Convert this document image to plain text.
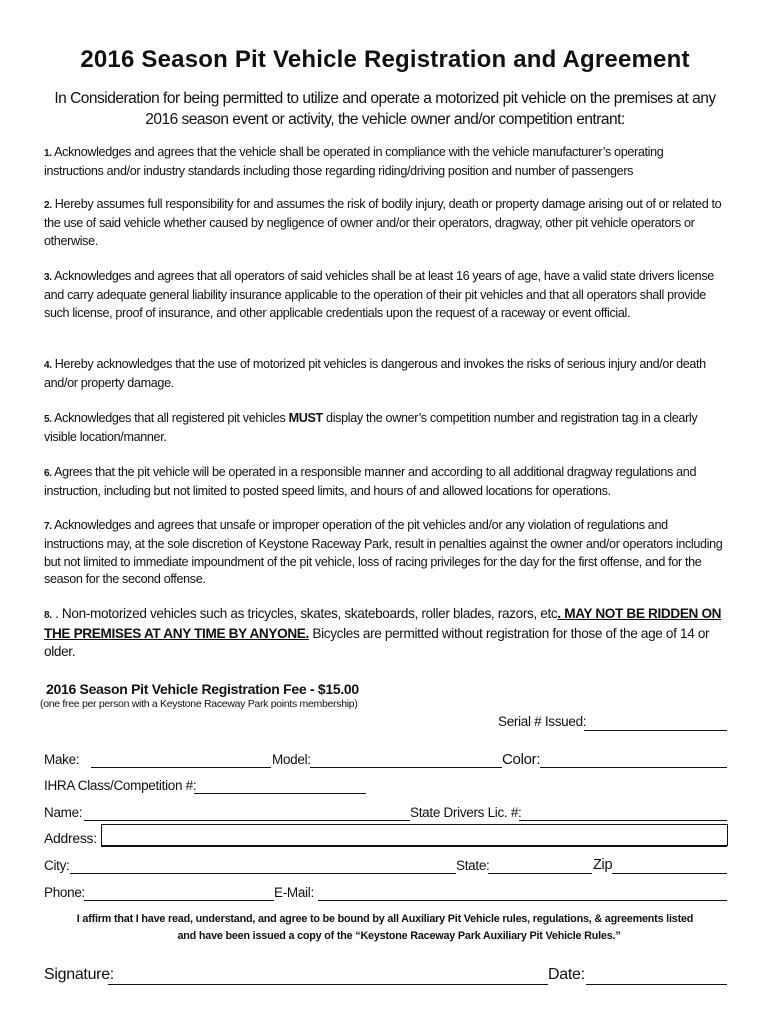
2016 Season Pit Vehicle Registration and Agreement
In Consideration for being permitted to utilize and operate a motorized pit vehicle on the premises at any 2016 season event or activity, the vehicle owner and/or competition entrant:
1. Acknowledges and agrees that the vehicle shall be operated in compliance with the vehicle manufacturer’s operating instructions and/or industry standards including those regarding riding/driving position and number of passengers
2. Hereby assumes full responsibility for and assumes the risk of bodily injury, death or property damage arising out of or related to the use of said vehicle whether caused by negligence of owner and/or their operators, dragway, other pit vehicle operators or otherwise.
3. Acknowledges and agrees that all operators of said vehicles shall be at least 16 years of age, have a valid state drivers license and carry adequate general liability insurance applicable to the operation of their pit vehicles and that all operators shall provide such license, proof of insurance, and other applicable credentials upon the request of a raceway or event official.
4. Hereby acknowledges that the use of motorized pit vehicles is dangerous and invokes the risks of serious injury and/or death and/or property damage.
5. Acknowledges that all registered pit vehicles MUST display the owner’s competition number and registration tag in a clearly visible location/manner.
6. Agrees that the pit vehicle will be operated in a responsible manner and according to all additional dragway regulations and instruction, including but not limited to posted speed limits, and hours of and allowed locations for operations.
7. Acknowledges and agrees that unsafe or improper operation of the pit vehicles and/or any violation of regulations and instructions may, at the sole discretion of Keystone Raceway Park, result in penalties against the owner and/or operators including but not limited to immediate impoundment of the pit vehicle, loss of racing privileges for the day for the first offense, and for the season for the second offense.
8. . Non-motorized vehicles such as tricycles, skates, skateboards, roller blades, razors, etc. MAY NOT BE RIDDEN ON THE PREMISES AT ANY TIME BY ANYONE. Bicycles are permitted without registration for those of the age of 14 or older.
2016 Season Pit Vehicle Registration Fee - $15.00
(one free per person with a Keystone Raceway Park points membership)
Serial # Issued:
Make:	Model:	Color:
IHRA Class/Competition #:
Name:	State Drivers Lic. #:
Address:
City:	State:	Zip
Phone:	E-Mail:
I affirm that I have read, understand, and agree to be bound by all Auxiliary Pit Vehicle rules, regulations, & agreements listed
and have been issued a copy of the “Keystone Raceway Park Auxiliary Pit Vehicle Rules.”
Signature:	Date:
